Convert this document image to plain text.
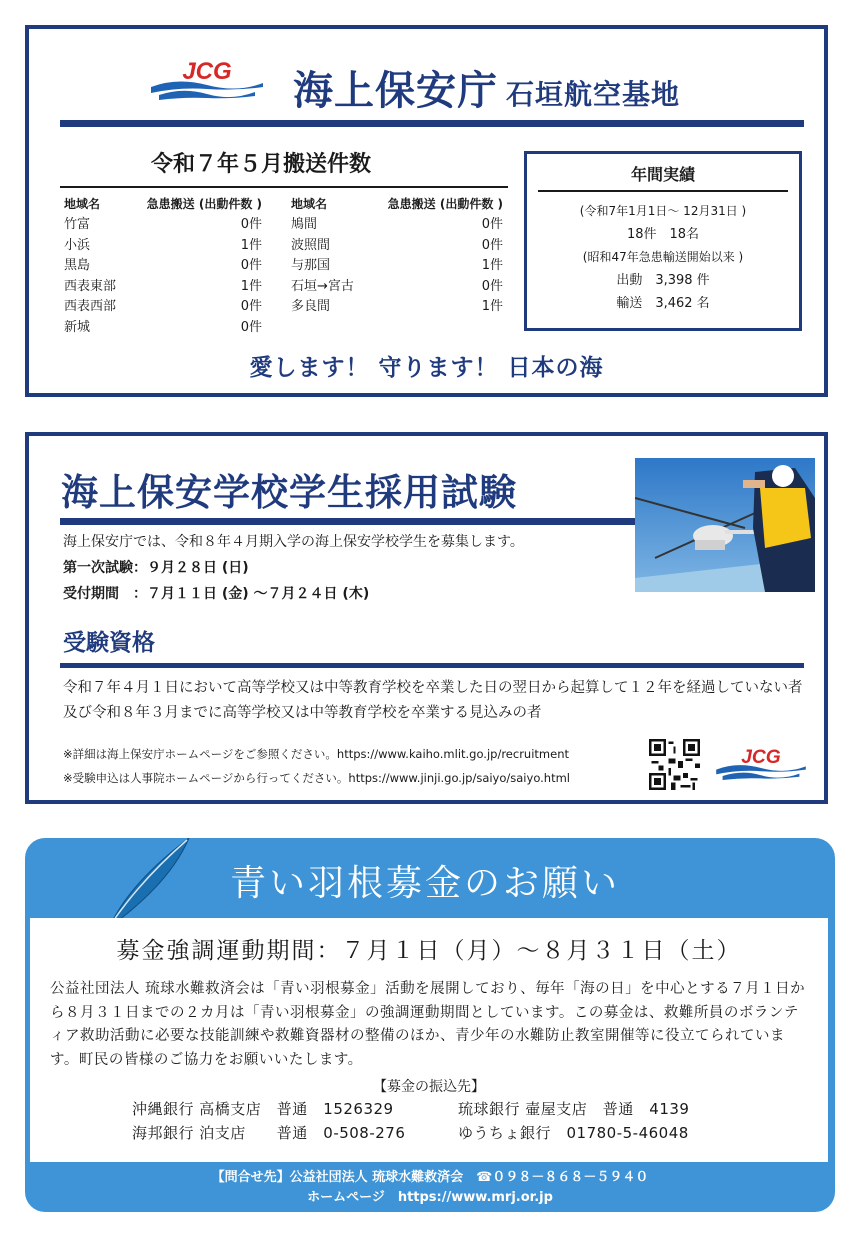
JCG 海上保安庁 石垣航空基地
令和７年５月搬送件数
地域名	急患搬送 (出動件数 )
竹富	0件
小浜	1件
黒島	0件
西表東部	1件
西表西部	0件
新城	0件
地域名	急患搬送 (出動件数 )
鳩間	0件
波照間	0件
与那国	1件
石垣→宮古	0件
多良間	1件
年間実績
(令和7年1月1日～ 12月31日 )
18件　18名
(昭和47年急患輸送開始以来 )
出動　3,398 件
輸送　3,462 名
愛します！ 守ります！ 日本の海
海上保安学校学生採用試験
海上保安庁では、令和８年４月期入学の海上保安学校学生を募集します。
第一次試験：９月２８日 (日)
受付期間　：７月１１日 (金) ～７月２４日 (木)
受験資格
令和７年４月１日において高等学校又は中等教育学校を卒業した日の翌日から起算して１２年を経過していない者及び令和８年３月までに高等学校又は中等教育学校を卒業する見込みの者
※詳細は海上保安庁ホームページをご参照ください。https://www.kaiho.mlit.go.jp/recruitment
※受験申込は人事院ホームページから行ってください。https://www.jinji.go.jp/saiyo/saiyo.html
JCG
青い羽根募金のお願い
募金強調運動期間：７月１日（月）～８月３１日（土）
公益社団法人 琉球水難救済会は「青い羽根募金」活動を展開しており、毎年「海の日」を中心とする７月１日から８月３１日までの２カ月は「青い羽根募金」の強調運動期間としています。この募金は、救難所員のボランティア救助活動に必要な技能訓練や救難資器材の整備のほか、青少年の水難防止教室開催等に役立てられています。町民の皆様のご協力をお願いいたします。
【募金の振込先】
沖縄銀行 高橋支店　普通　1526329	琉球銀行 壷屋支店　普通　4139
海邦銀行 泊支店　　普通　0-508-276	ゆうちょ銀行　01780-5-46048
【問合せ先】公益社団法人 琉球水難救済会　☎０９８－８６８－５９４０
ホームページ　https://www.mrj.or.jp
